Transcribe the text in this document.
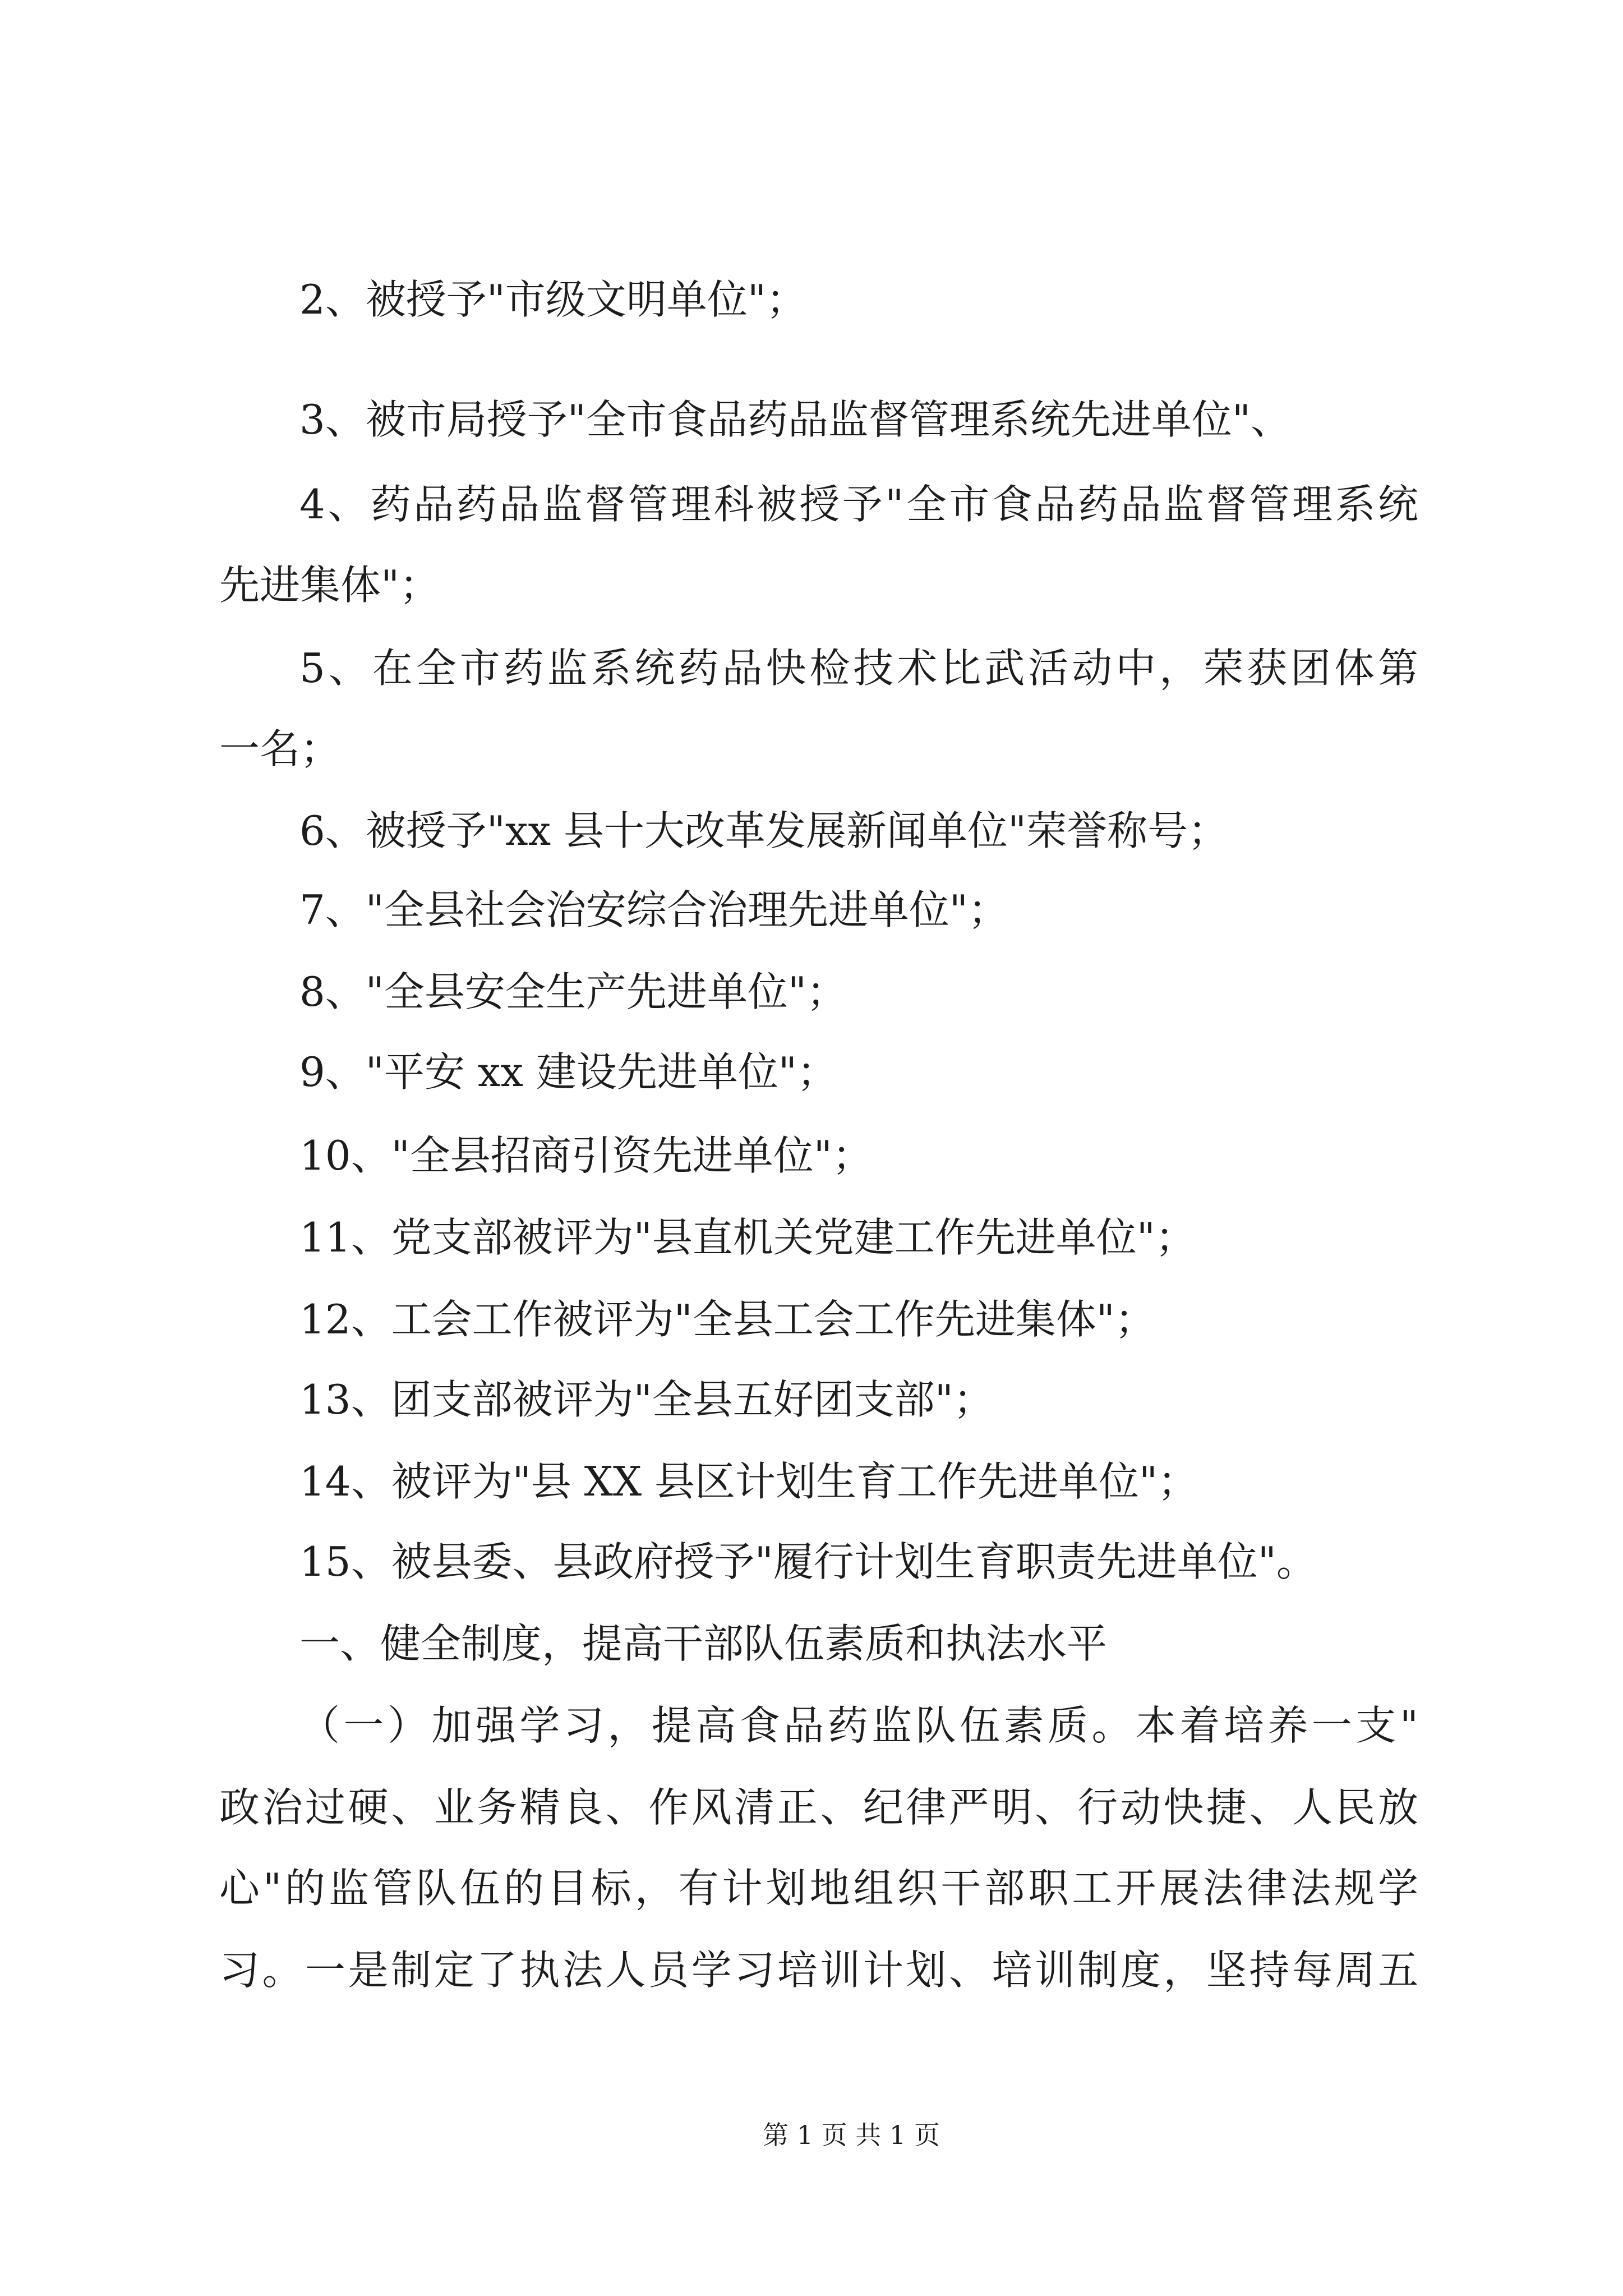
2、被授予"市级文明单位"；
3、被市局授予"全市食品药品监督管理系统先进单位"、
4、药品药品监督管理科被授予"全市食品药品监督管理系统
先进集体"；
5、在全市药监系统药品快检技术比武活动中，荣获团体第
一名；
6、被授予"xx 县十大改革发展新闻单位"荣誉称号；
7、"全县社会治安综合治理先进单位"；
8、"全县安全生产先进单位"；
9、"平安 xx 建设先进单位"；
10、"全县招商引资先进单位"；
11、党支部被评为"县直机关党建工作先进单位"；
12、工会工作被评为"全县工会工作先进集体"；
13、团支部被评为"全县五好团支部"；
14、被评为"县 XX 县区计划生育工作先进单位"；
15、被县委、县政府授予"履行计划生育职责先进单位"。
一、健全制度，提高干部队伍素质和执法水平
（一）加强学习，提高食品药监队伍素质。本着培养一支"
政治过硬、业务精良、作风清正、纪律严明、行动快捷、人民放
心"的监管队伍的目标，有计划地组织干部职工开展法律法规学
习。一是制定了执法人员学习培训计划、培训制度，坚持每周五
第 1 页 共 1 页
